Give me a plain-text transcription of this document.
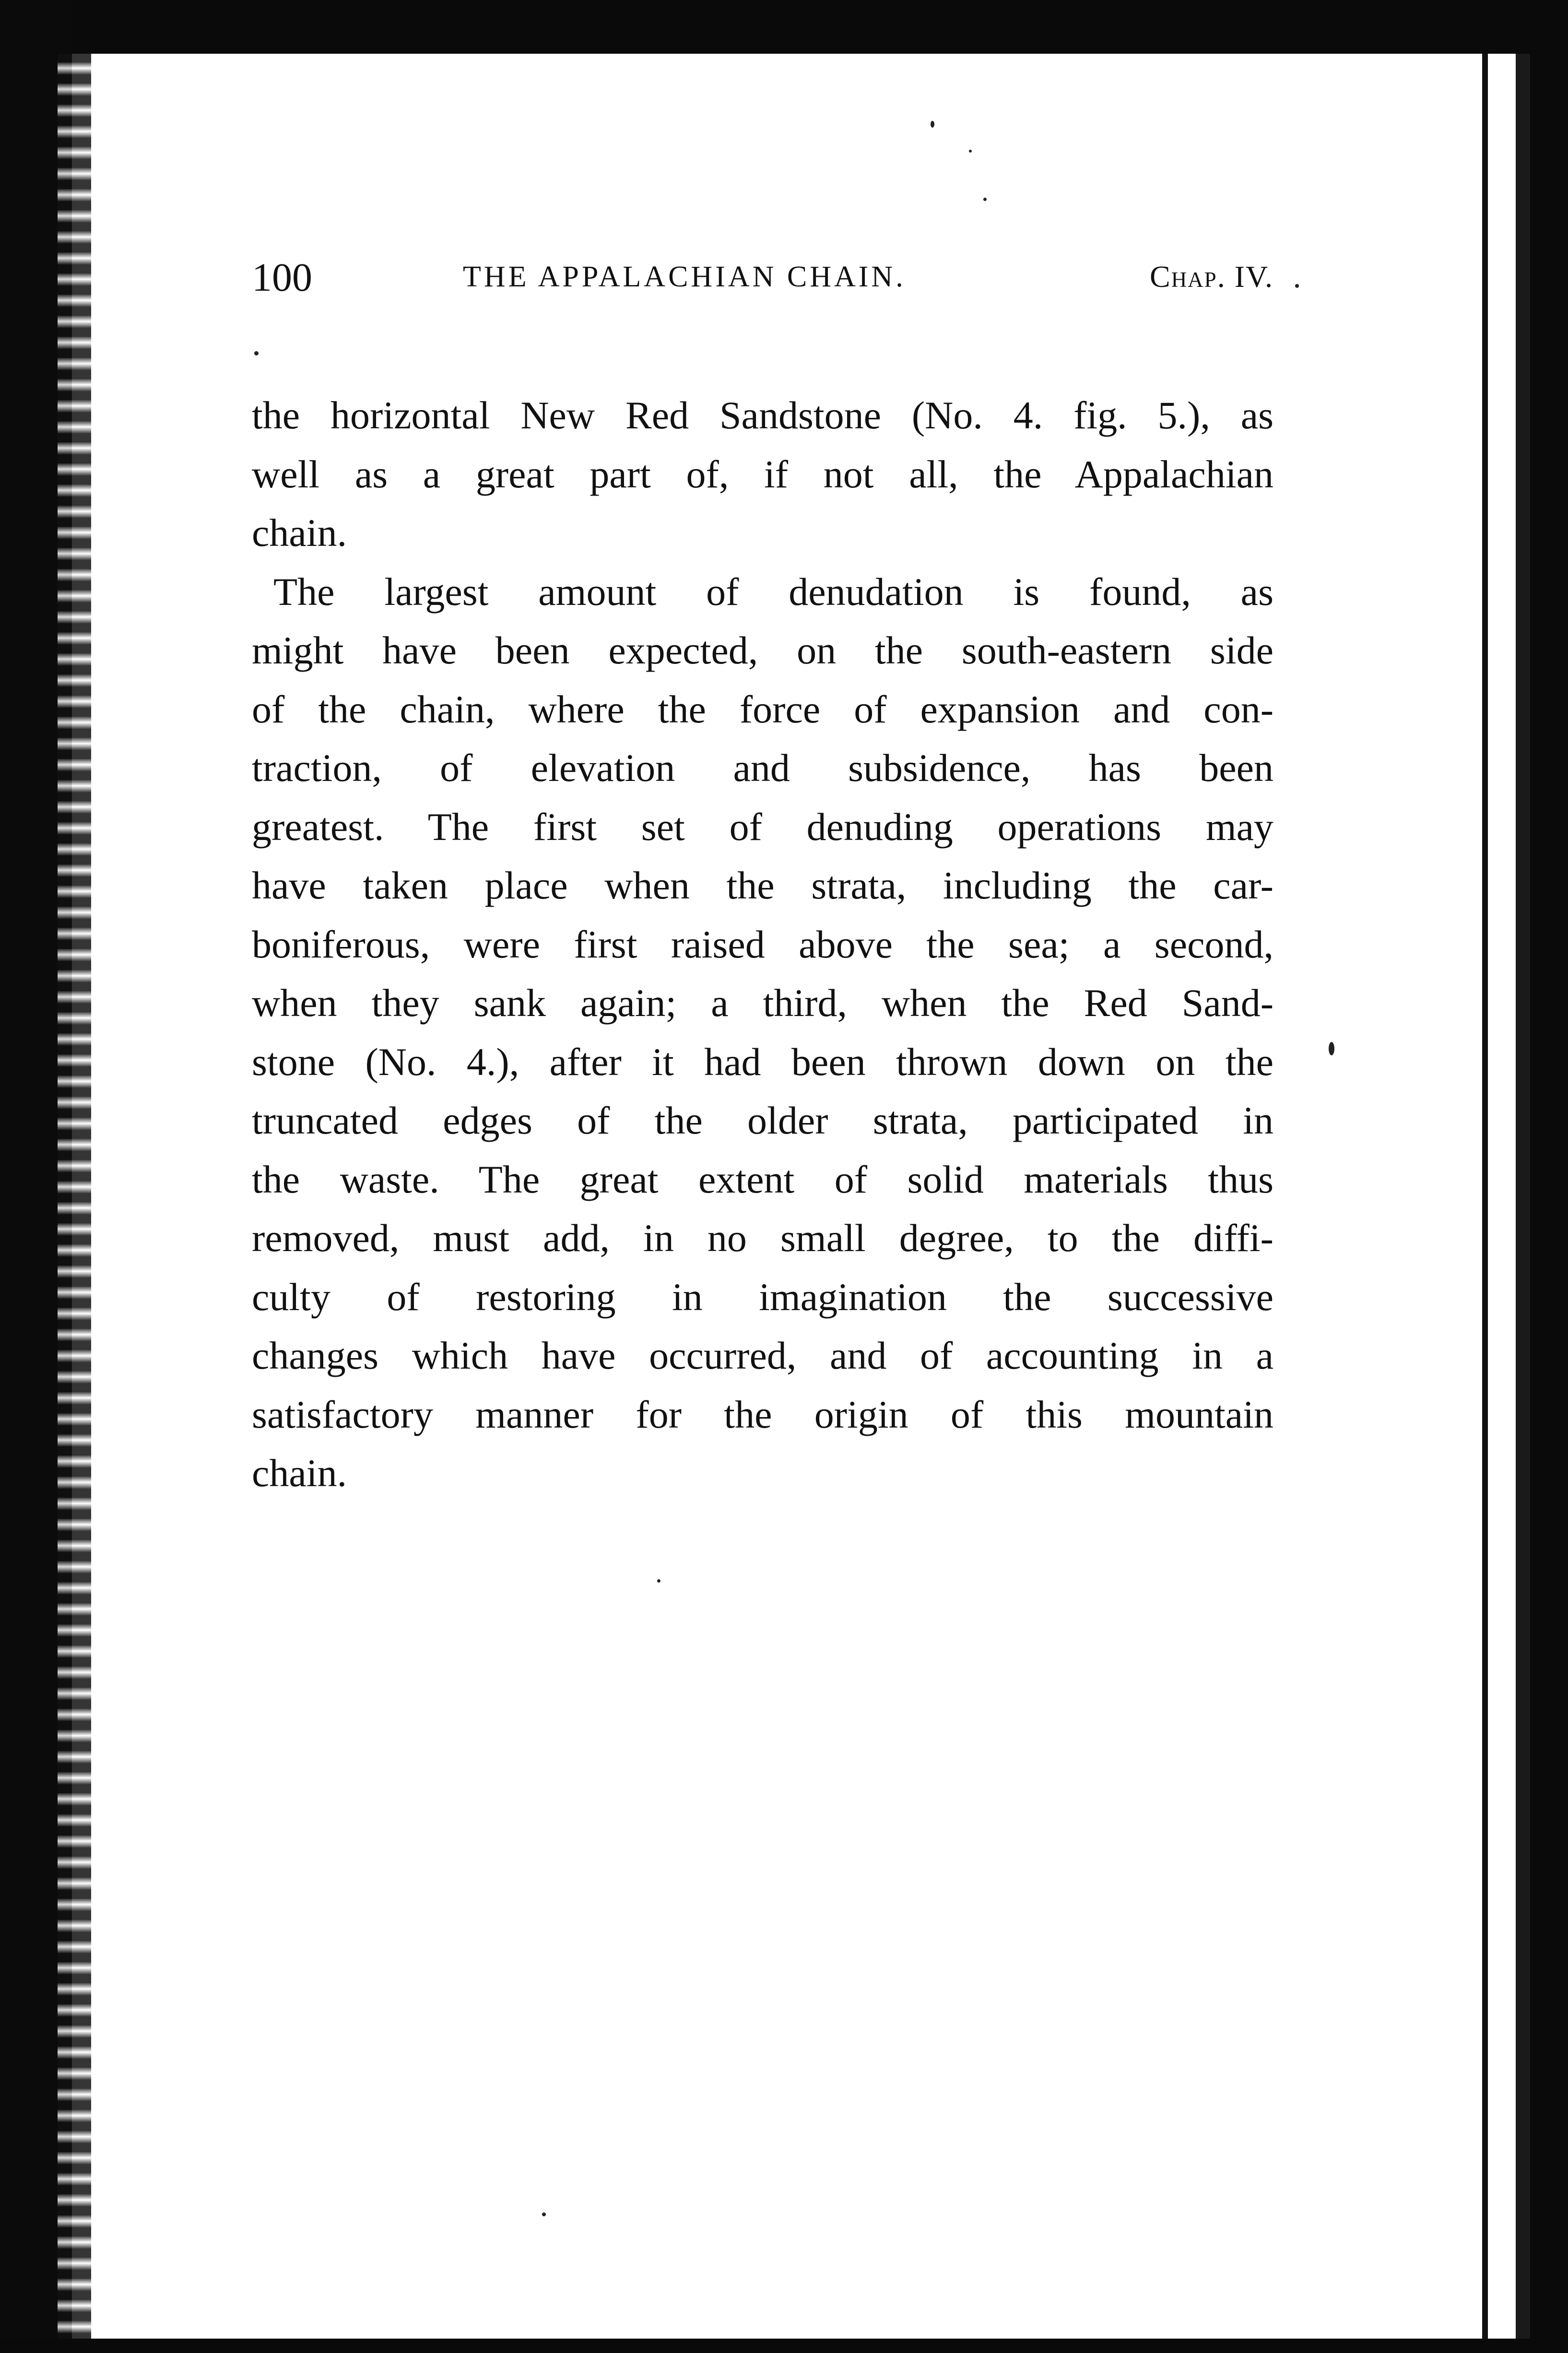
100	THE APPALACHIAN CHAIN.	Chap. IV.
the horizontal New Red Sandstone (No. 4. fig. 5.), as
well as a great part of, if not all, the Appalachian
chain.
The largest amount of denudation is found, as
might have been expected, on the south-eastern side
of the chain, where the force of expansion and con-
traction, of elevation and subsidence, has been
greatest. The first set of denuding operations may
have taken place when the strata, including the car-
boniferous, were first raised above the sea; a second,
when they sank again; a third, when the Red Sand-
stone (No. 4.), after it had been thrown down on the
truncated edges of the older strata, participated in
the waste. The great extent of solid materials thus
removed, must add, in no small degree, to the diffi-
culty of restoring in imagination the successive
changes which have occurred, and of accounting in a
satisfactory manner for the origin of this mountain
chain.
